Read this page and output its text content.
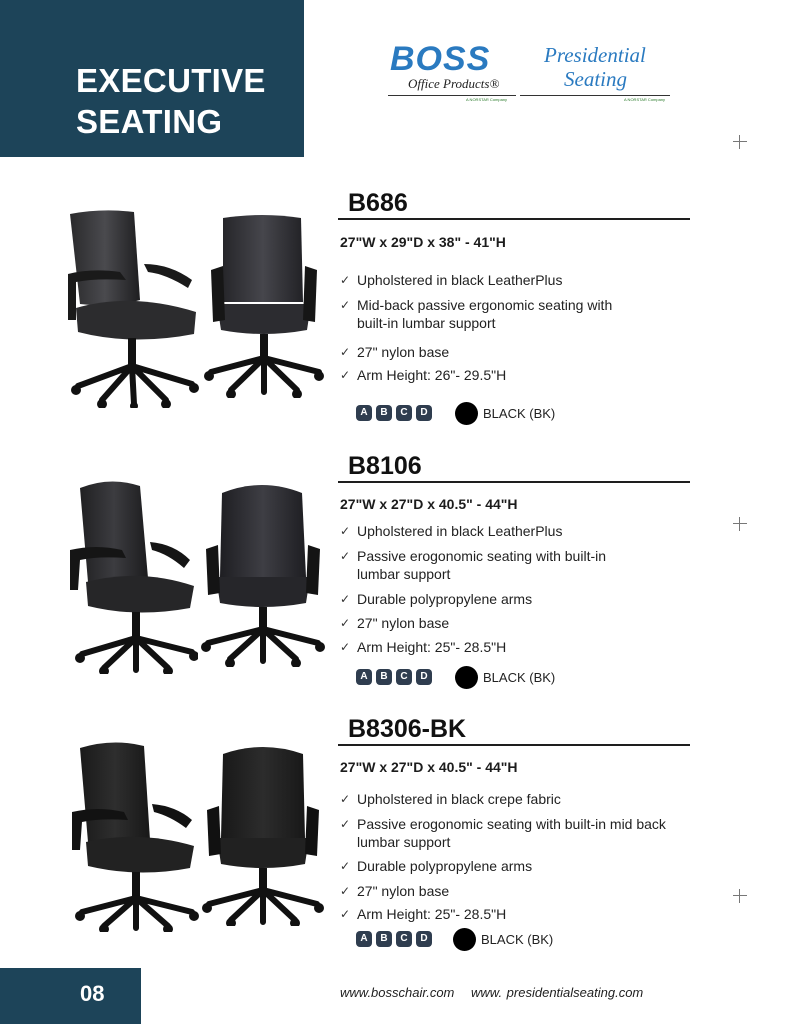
EXECUTIVE
SEATING
BOSS
Office Products®
A NORSTAR Company
Presidential
Seating
A NORSTAR Company
B686
27"W x 29"D x 38" - 41"H
✓ Upholstered in black LeatherPlus
✓ Mid-back passive ergonomic seating with built-in lumbar support
✓ 27" nylon base
✓ Arm Height: 26"- 29.5"H
A	B	C	D	BLACK (BK)
B8106
27"W x 27"D x 40.5" - 44"H
✓ Upholstered in black LeatherPlus
✓ Passive erogonomic seating with built-in lumbar support
✓ Durable polypropylene arms
✓ 27" nylon base
✓ Arm Height: 25"- 28.5"H
A	B	C	D	BLACK (BK)
B8306-BK
27"W x 27"D x 40.5" - 44"H
✓ Upholstered in black crepe fabric
✓ Passive erogonomic seating with built-in mid back lumbar support
✓ Durable polypropylene arms
✓ 27" nylon base
✓ Arm Height: 25"- 28.5"H
A	B	C	D	BLACK (BK)
08	www.bosschair.com www. presidentialseating.com
